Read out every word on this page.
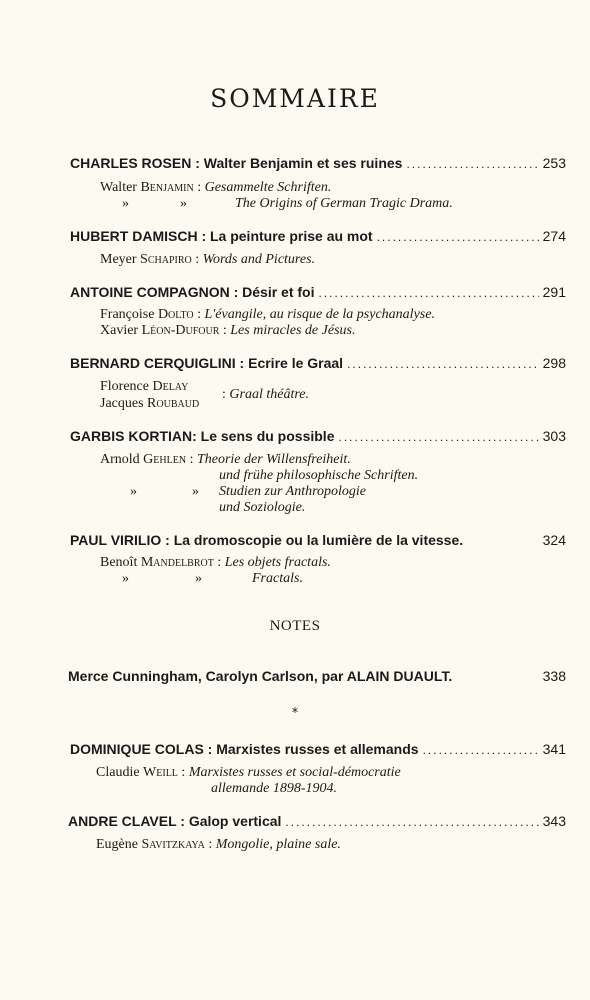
SOMMAIRE
CHARLES ROSEN : Walter Benjamin et ses ruines .....	253
Walter Benjamin : Gesammelte Schriften.
»	»	The Origins of German Tragic Drama.
HUBERT DAMISCH : La peinture prise au mot .....	274
Meyer Schapiro : Words and Pictures.
ANTOINE COMPAGNON : Désir et foi .....	291
Françoise Dolto : L'évangile, au risque de la psychanalyse.
Xavier Léon-Dufour : Les miracles de Jésus.
BERNARD CERQUIGLINI : Ecrire le Graal .....	298
Florence Delay
Jacques Roubaud
: Graal théâtre.
GARBIS KORTIAN: Le sens du possible .....	303
Arnold Gehlen : Theorie der Willensfreiheit.
und frühe philosophische Schriften.
»	» Studien zur Anthropologie
und Soziologie.
PAUL VIRILIO : La dromoscopie ou la lumière de la vitesse.	324
Benoît Mandelbrot : Les objets fractals.
»	»	Fractals.
NOTES
Merce Cunningham, Carolyn Carlson, par ALAIN DUAULT.	338
*
DOMINIQUE COLAS : Marxistes russes et allemands .....	341
Claudie Weill : Marxistes russes et social-démocratie
allemande 1898-1904.
ANDRE CLAVEL : Galop vertical .....	343
Eugène Savitzkaya : Mongolie, plaine sale.
